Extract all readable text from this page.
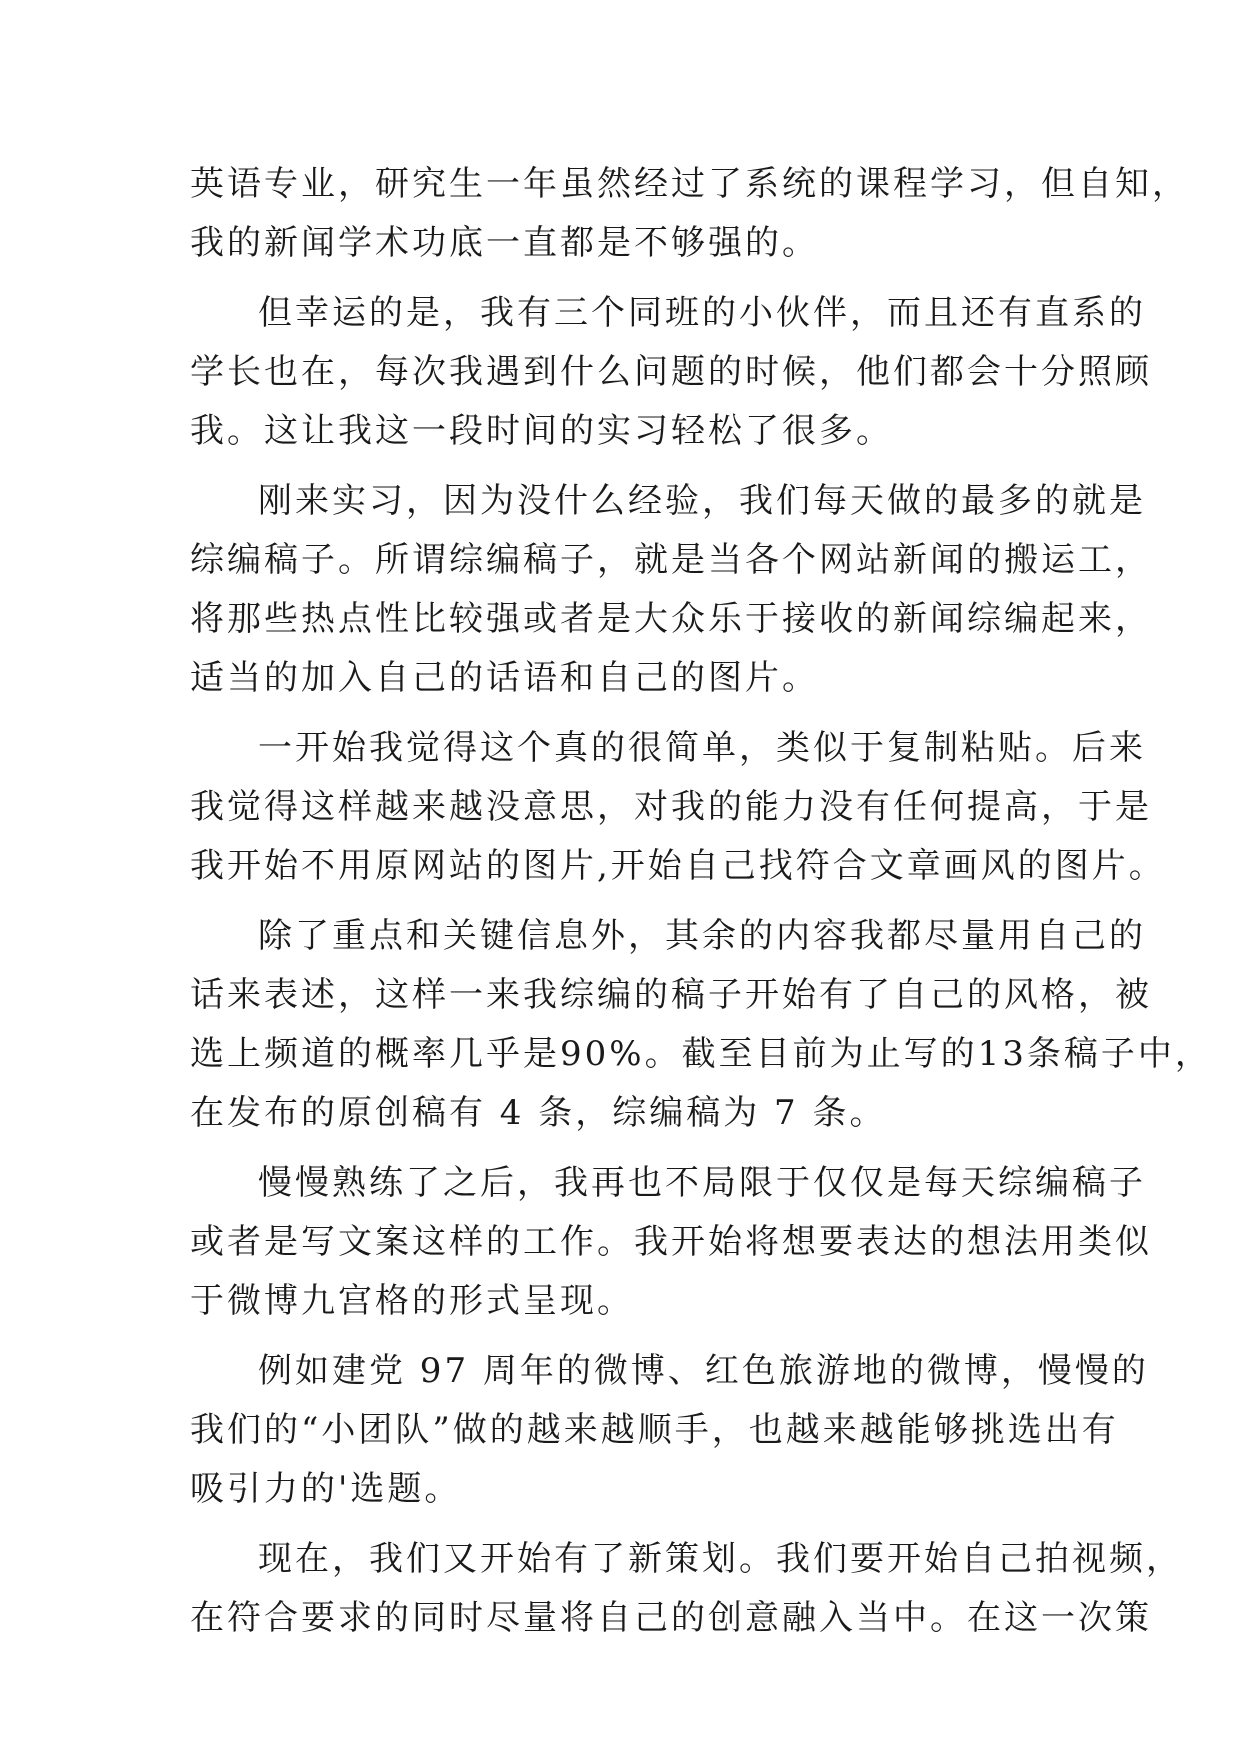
英语专业，研究生一年虽然经过了系统的课程学习，但自知，
我的新闻学术功底一直都是不够强的。
但幸运的是，我有三个同班的小伙伴，而且还有直系的
学长也在，每次我遇到什么问题的时候，他们都会十分照顾
我。这让我这一段时间的实习轻松了很多。
刚来实习，因为没什么经验，我们每天做的最多的就是
综编稿子。所谓综编稿子，就是当各个网站新闻的搬运工，
将那些热点性比较强或者是大众乐于接收的新闻综编起来，
适当的加入自己的话语和自己的图片。
一开始我觉得这个真的很简单，类似于复制粘贴。后来
我觉得这样越来越没意思，对我的能力没有任何提高，于是
我开始不用原网站的图片,开始自己找符合文章画风的图片。
除了重点和关键信息外，其余的内容我都尽量用自己的
话来表述，这样一来我综编的稿子开始有了自己的风格，被
选上频道的概率几乎是90%。截至目前为止写的13条稿子中，
在发布的原创稿有 4 条，综编稿为 7 条。
慢慢熟练了之后，我再也不局限于仅仅是每天综编稿子
或者是写文案这样的工作。我开始将想要表达的想法用类似
于微博九宫格的形式呈现。
例如建党 97 周年的微博、红色旅游地的微博，慢慢的
我们的“小团队”做的越来越顺手，也越来越能够挑选出有
吸引力的'选题。
现在，我们又开始有了新策划。我们要开始自己拍视频，
在符合要求的同时尽量将自己的创意融入当中。在这一次策
